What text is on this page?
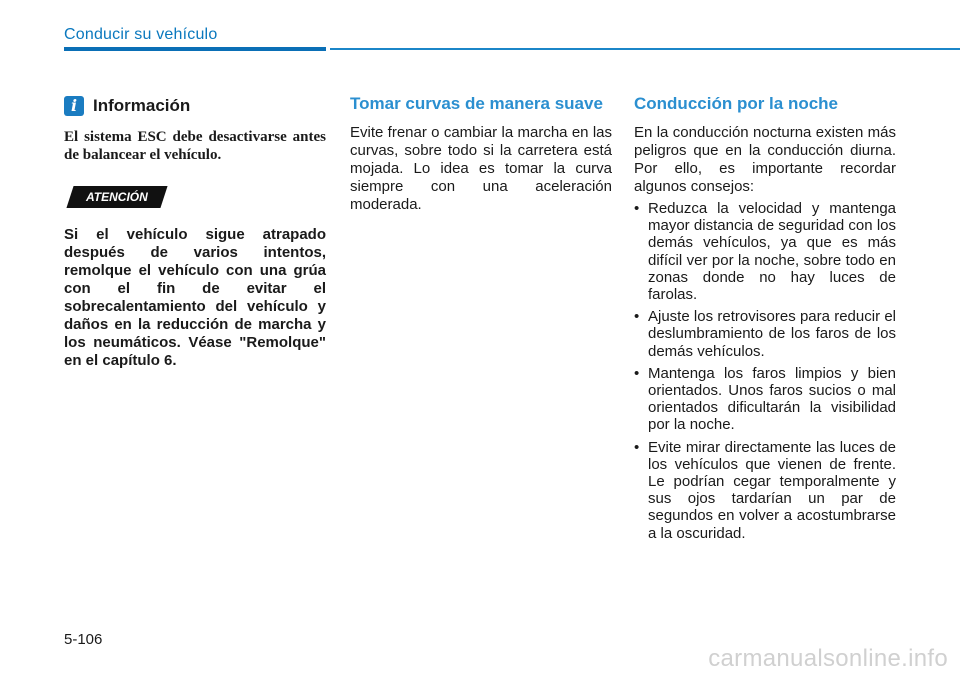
Conducir su vehículo
i Información
El sistema ESC debe desactivarse antes de balancear el vehículo.
ATENCIÓN
Si el vehículo sigue atrapado después de varios intentos, remolque el vehículo con una grúa con el fin de evitar el sobrecalentamiento del vehículo y daños en la reducción de marcha y los neumáticos. Véase "Remolque" en el capítulo 6.
Tomar curvas de manera suave
Evite frenar o cambiar la marcha en las curvas, sobre todo si la carretera está mojada. Lo idea es tomar la curva siempre con una aceleración moderada.
Conducción por la noche
En la conducción nocturna existen más peligros que en la conducción diurna. Por ello, es importante recordar algunos consejos:
• Reduzca la velocidad y mantenga mayor distancia de seguridad con los demás vehículos, ya que es más difícil ver por la noche, sobre todo en zonas donde no hay luces de farolas.
• Ajuste los retrovisores para reducir el deslumbramiento de los faros de los demás vehículos.
• Mantenga los faros limpios y bien orientados. Unos faros sucios o mal orientados dificultarán la visibilidad por la noche.
• Evite mirar directamente las luces de los vehículos que vienen de frente. Le podrían cegar temporalmente y sus ojos tardarían un par de segundos en volver a acostumbrarse a la oscuridad.
5-106
carmanualsonline.info
